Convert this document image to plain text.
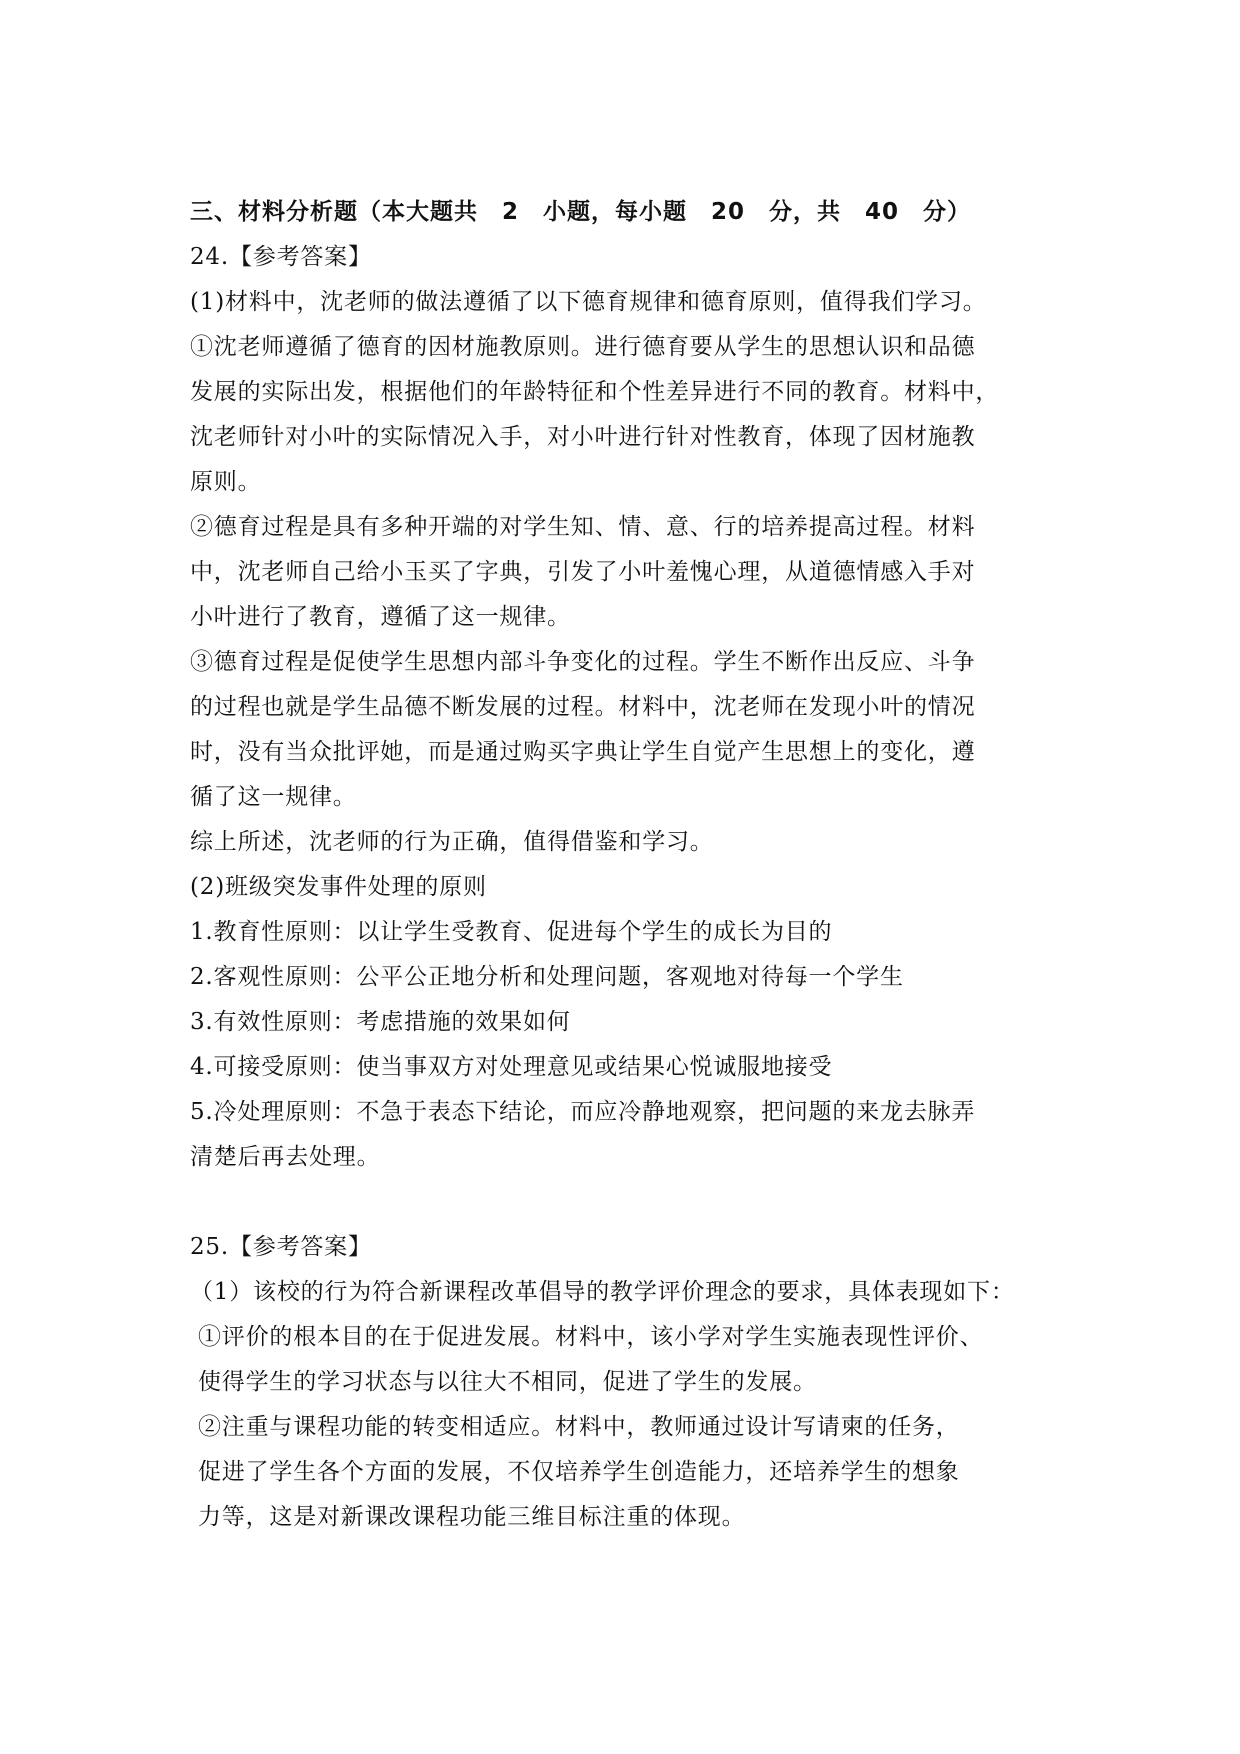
三、材料分析题（本大题共　2　小题，每小题　20　分，共　40　分）
24.【参考答案】
(1)材料中，沈老师的做法遵循了以下德育规律和德育原则，值得我们学习。
①沈老师遵循了德育的因材施教原则。进行德育要从学生的思想认识和品德
发展的实际出发，根据他们的年龄特征和个性差异进行不同的教育。材料中，
沈老师针对小叶的实际情况入手，对小叶进行针对性教育，体现了因材施教
原则。
②德育过程是具有多种开端的对学生知、情、意、行的培养提高过程。材料
中，沈老师自己给小玉买了字典，引发了小叶羞愧心理，从道德情感入手对
小叶进行了教育，遵循了这一规律。
③德育过程是促使学生思想内部斗争变化的过程。学生不断作出反应、斗争
的过程也就是学生品德不断发展的过程。材料中，沈老师在发现小叶的情况
时，没有当众批评她，而是通过购买字典让学生自觉产生思想上的变化，遵
循了这一规律。
综上所述，沈老师的行为正确，值得借鉴和学习。
(2)班级突发事件处理的原则
1.教育性原则：以让学生受教育、促进每个学生的成长为目的
2.客观性原则：公平公正地分析和处理问题，客观地对待每一个学生
3.有效性原则：考虑措施的效果如何
4.可接受原则：使当事双方对处理意见或结果心悦诚服地接受
5.冷处理原则：不急于表态下结论，而应冷静地观察，把问题的来龙去脉弄
清楚后再去处理。
25.【参考答案】
（1）该校的行为符合新课程改革倡导的教学评价理念的要求，具体表现如下：
①评价的根本目的在于促进发展。材料中，该小学对学生实施表现性评价、
使得学生的学习状态与以往大不相同，促进了学生的发展。
②注重与课程功能的转变相适应。材料中，教师通过设计写请柬的任务，
促进了学生各个方面的发展，不仅培养学生创造能力，还培养学生的想象
力等，这是对新课改课程功能三维目标注重的体现。
